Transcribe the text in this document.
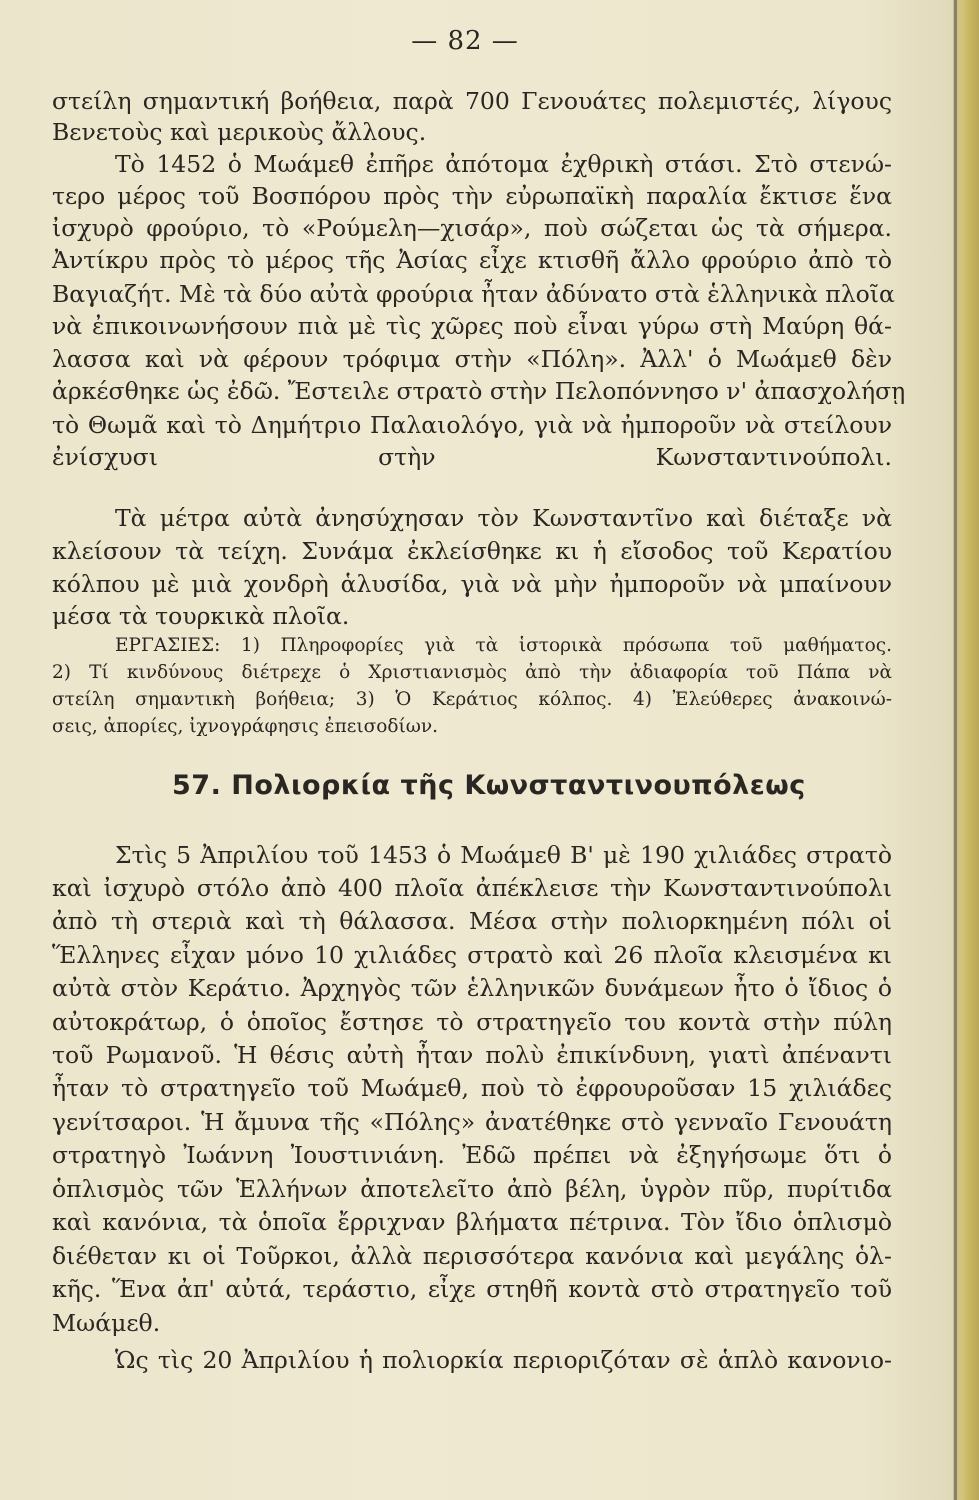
— 82 —
στείλη σημαντική βοήθεια, παρὰ 700 Γενουάτες πολεμιστές, λίγους
Βενετοὺς καὶ μερικοὺς ἄλλους.
Τὸ 1452 ὁ Μωάμεθ ἐπῆρε ἀπότομα ἐχθρικὴ στάσι. Στὸ στενώ-
τερο μέρος τοῦ Βοσπόρου πρὸς τὴν εὐρωπαϊκὴ παραλία ἔκτισε ἕνα
ἰσχυρὸ φρούριο, τὸ «Ρούμελη—χισάρ», ποὺ σώζεται ὡς τὰ σήμερα.
Ἀντίκρυ πρὸς τὸ μέρος τῆς Ἀσίας εἶχε κτισθῆ ἄλλο φρούριο ἀπὸ τὸ
Βαγιαζήτ. Μὲ τὰ δύο αὐτὰ φρούρια ἦταν ἀδύνατο στὰ ἑλληνικὰ πλοῖα
νὰ ἐπικοινωνήσουν πιὰ μὲ τὶς χῶρες ποὺ εἶναι γύρω στὴ Μαύρη θά-
λασσα καὶ νὰ φέρουν τρόφιμα στὴν «Πόλη». Ἀλλ' ὁ Μωάμεθ δὲν
ἀρκέσθηκε ὡς ἐδῶ. Ἔστειλε στρατὸ στὴν Πελοπόννησο ν' ἀπασχολήσῃ
τὸ Θωμᾶ καὶ τὸ Δημήτριο Παλαιολόγο, γιὰ νὰ ἠμποροῦν νὰ στείλουν
ἐνίσχυσι στὴν Κωνσταντινούπολι.
Τὰ μέτρα αὐτὰ ἀνησύχησαν τὸν Κωνσταντῖνο καὶ διέταξε νὰ
κλείσουν τὰ τείχη. Συνάμα ἐκλείσθηκε κι ἡ εἴσοδος τοῦ Κερατίου
κόλπου μὲ μιὰ χονδρὴ ἁλυσίδα, γιὰ νὰ μὴν ἠμποροῦν νὰ μπαίνουν
μέσα τὰ τουρκικὰ πλοῖα.
ΕΡΓΑΣΙΕΣ: 1) Πληροφορίες γιὰ τὰ ἱστορικὰ πρόσωπα τοῦ μαθήματος.
2) Τί κινδύνους διέτρεχε ὁ Χριστιανισμὸς ἀπὸ τὴν ἀδιαφορία τοῦ Πάπα νὰ
στείλη σημαντικὴ βοήθεια; 3) Ὁ Κεράτιος κόλπος. 4) Ἐλεύθερες ἀνακοινώ-
σεις, ἀπορίες, ἰχνογράφησις ἐπεισοδίων.
57. Πολιορκία τῆς Κωνσταντινουπόλεως
Στὶς 5 Ἀπριλίου τοῦ 1453 ὁ Μωάμεθ Β' μὲ 190 χιλιάδες στρατὸ
καὶ ἰσχυρὸ στόλο ἀπὸ 400 πλοῖα ἀπέκλεισε τὴν Κωνσταντινούπολι
ἀπὸ τὴ στεριὰ καὶ τὴ θάλασσα. Μέσα στὴν πολιορκημένη πόλι οἱ
Ἕλληνες εἶχαν μόνο 10 χιλιάδες στρατὸ καὶ 26 πλοῖα κλεισμένα κι
αὐτὰ στὸν Κεράτιο. Ἀρχηγὸς τῶν ἑλληνικῶν δυνάμεων ἦτο ὁ ἴδιος ὁ
αὐτοκράτωρ, ὁ ὁποῖος ἔστησε τὸ στρατηγεῖο του κοντὰ στὴν πύλη
τοῦ Ρωμανοῦ. Ἡ θέσις αὐτὴ ἦταν πολὺ ἐπικίνδυνη, γιατὶ ἀπέναντι
ἦταν τὸ στρατηγεῖο τοῦ Μωάμεθ, ποὺ τὸ ἐφρουροῦσαν 15 χιλιάδες
γενίτσαροι. Ἡ ἄμυνα τῆς «Πόλης» ἀνατέθηκε στὸ γενναῖο Γενουάτη
στρατηγὸ Ἰωάννη Ἰουστινιάνη. Ἐδῶ πρέπει νὰ ἐξηγήσωμε ὅτι ὁ
ὁπλισμὸς τῶν Ἑλλήνων ἀποτελεῖτο ἀπὸ βέλη, ὑγρὸν πῦρ, πυρίτιδα
καὶ κανόνια, τὰ ὁποῖα ἔρριχναν βλήματα πέτρινα. Τὸν ἴδιο ὁπλισμὸ
διέθεταν κι οἱ Τοῦρκοι, ἀλλὰ περισσότερα κανόνια καὶ μεγάλης ὁλ-
κῆς. Ἕνα ἀπ' αὐτά, τεράστιο, εἶχε στηθῆ κοντὰ στὸ στρατηγεῖο τοῦ
Μωάμεθ.
Ὡς τὶς 20 Ἀπριλίου ἡ πολιορκία περιοριζόταν σὲ ἁπλὸ κανονιο-
